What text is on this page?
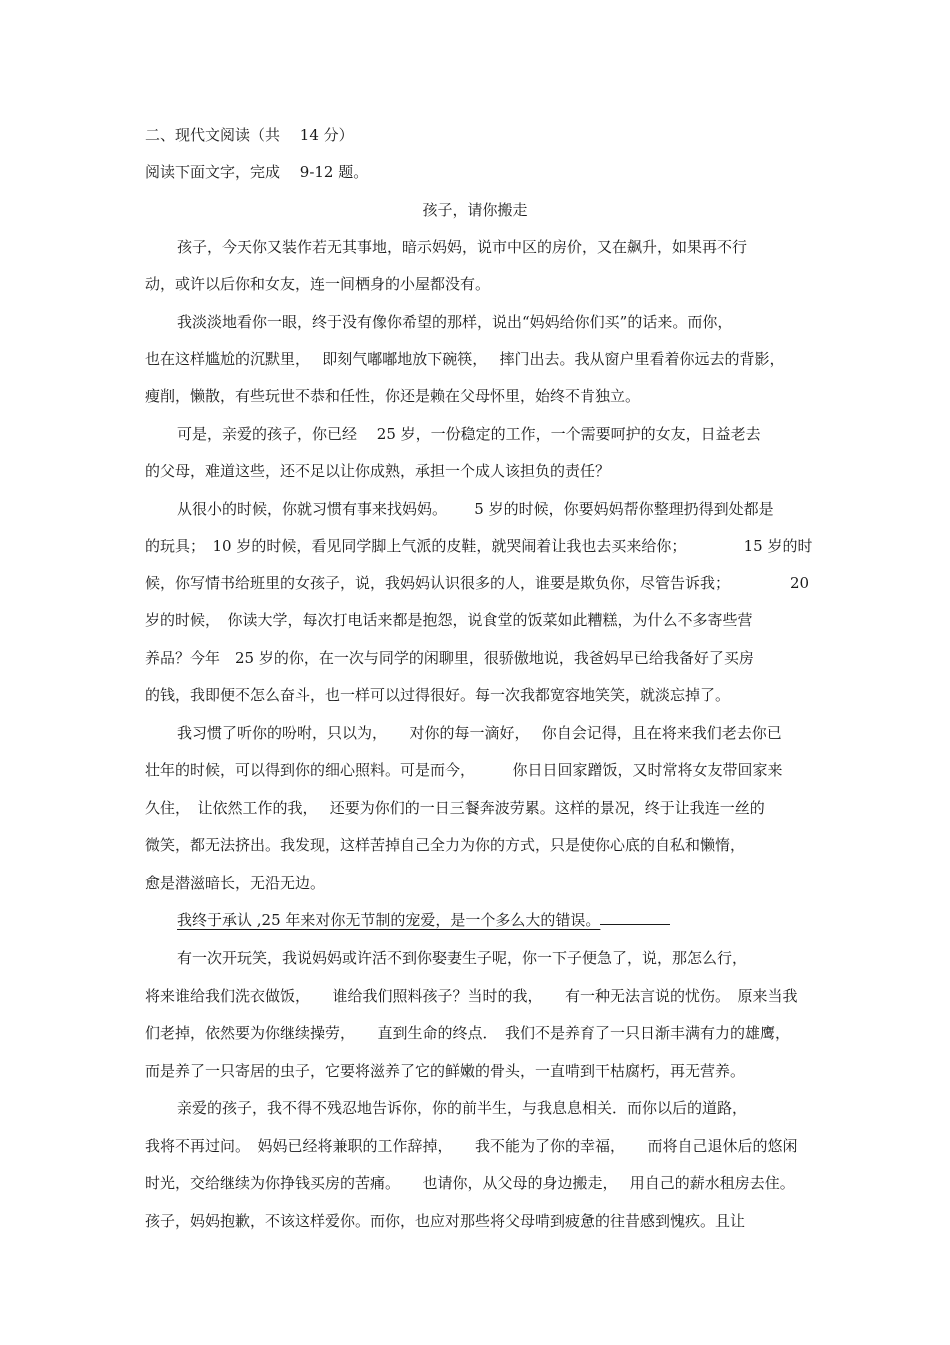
二、现代文阅读（共　 14 分）

阅读下面文字，完成　 9-12 题。

孩子，请你搬走

孩子，今天你又装作若无其事地，暗示妈妈，说市中区的房价，又在飙升，如果再不行

动，或许以后你和女友，连一间栖身的小屋都没有。

我淡淡地看你一眼，终于没有像你希望的那样，说出“妈妈给你们买”的话来。而你，

也在这样尴尬的沉默里，　 即刻气嘟嘟地放下碗筷，　 摔门出去。我从窗户里看着你远去的背影，

瘦削，懒散，有些玩世不恭和任性，你还是赖在父母怀里，始终不肯独立。

可是，亲爱的孩子，你已经　 25 岁，一份稳定的工作，一个需要呵护的女友，日益老去

的父母，难道这些，还不足以让你成熟，承担一个成人该担负的责任？

从很小的时候，你就习惯有事来找妈妈。　　 5 岁的时候，你要妈妈帮你整理扔得到处都是

的玩具；　10 岁的时候，看见同学脚上气派的皮鞋，就哭闹着让我也去买来给你；　　　　 15 岁的时

候，你写情书给班里的女孩子，说，我妈妈认识很多的人，谁要是欺负你，尽管告诉我；	20

岁的时候，　你读大学，每次打电话来都是抱怨，说食堂的饭菜如此糟糕，为什么不多寄些营

养品？今年　25 岁的你，在一次与同学的闲聊里，很骄傲地说，我爸妈早已给我备好了买房

的钱，我即便不怎么奋斗，也一样可以过得很好。每一次我都宽容地笑笑，就淡忘掉了。

我习惯了听你的吩咐，只以为，　　对你的每一滴好，　 你自会记得，且在将来我们老去你已

壮年的时候，可以得到你的细心照料。可是而今，　　　你日日回家蹭饭，又时常将女友带回家来

久住，　让依然工作的我，　 还要为你们的一日三餐奔波劳累。这样的景况，终于让我连一丝的

微笑，都无法挤出。我发现，这样苦掉自己全力为你的方式，只是使你心底的自私和懒惰，

愈是潜滋暗长，无沿无边。

我终于承认 ,25 年来对你无节制的宠爱，是一个多么大的错误。

有一次开玩笑，我说妈妈或许活不到你娶妻生子呢，你一下子便急了，说，那怎么行，

将来谁给我们洗衣做饭，　　谁给我们照料孩子？当时的我，　　有一种无法言说的忧伤。　原来当我

们老掉，依然要为你继续操劳，　　直到生命的终点．　我们不是养育了一只日渐丰满有力的雄鹰，

而是养了一只寄居的虫子，它要将滋养了它的鲜嫩的骨头，一直啃到干枯腐朽，再无营养。

亲爱的孩子，我不得不残忍地告诉你，你的前半生，与我息息相关．而你以后的道路，

我将不再过问。　妈妈已经将兼职的工作辞掉，　　我不能为了你的幸福，　　而将自己退休后的悠闲

时光，交给继续为你挣钱买房的苦痛。　　也请你，从父母的身边搬走，　 用自己的薪水租房去住。

孩子，妈妈抱歉，不该这样爱你。而你，也应对那些将父母啃到疲惫的往昔感到愧疚。且让
